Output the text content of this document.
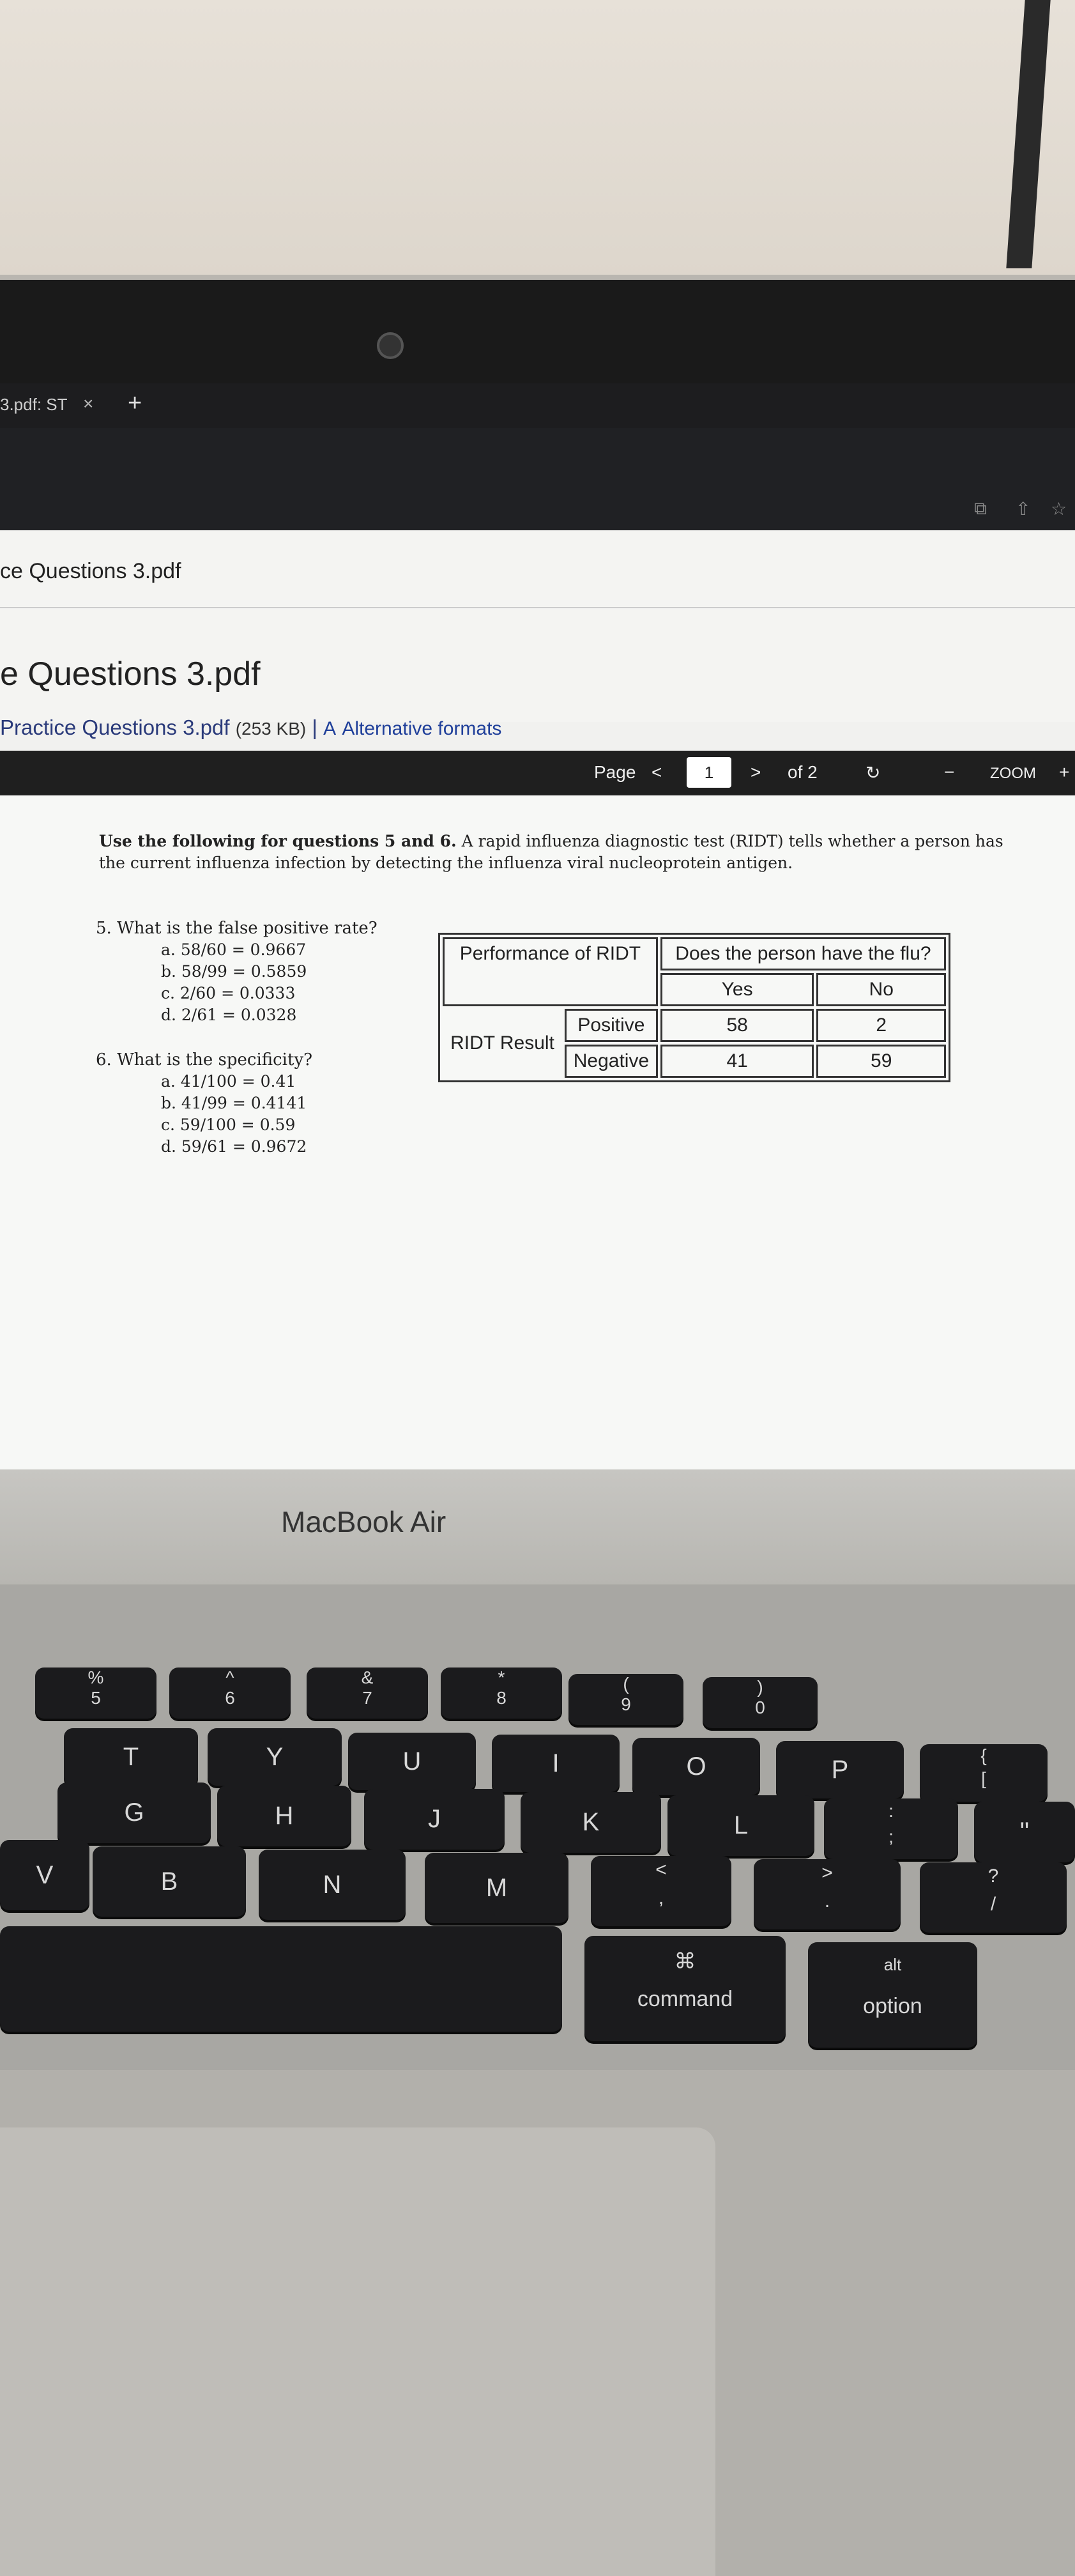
3.pdf: ST × +
⧉ ⇧ ☆
ce Questions 3.pdf
e Questions 3.pdf
Practice Questions 3.pdf (253 KB) | A Alternative formats
Page <	1	> of 2	↻	− ZOOM +
Use the following for questions 5 and 6. A rapid influenza diagnostic test (RIDT) tells whether a person has the current influenza infection by detecting the influenza viral nucleoprotein antigen.
5. What is the false positive rate?
a. 58/60 = 0.9667
b. 58/99 = 0.5859
c. 2/60 = 0.0333
d. 2/61 = 0.0328
6. What is the specificity?
a. 41/100 = 0.41
b. 41/99 = 0.4141
c. 59/100 = 0.59
d. 59/61 = 0.9672
Performance of RIDT		Does the person have the flu?	
		Yes	No
RIDT Result	Positive	58	2
	Negative	41	59
MacBook Air
%
5
^
6
&
7
*
8
(
9
)
0
T	Y	U	I	O	P
{
[
G	H	J	K	L
:
;	"
V	B	N	M
<
,
>
.
?
/
⌘
command
alt
option
